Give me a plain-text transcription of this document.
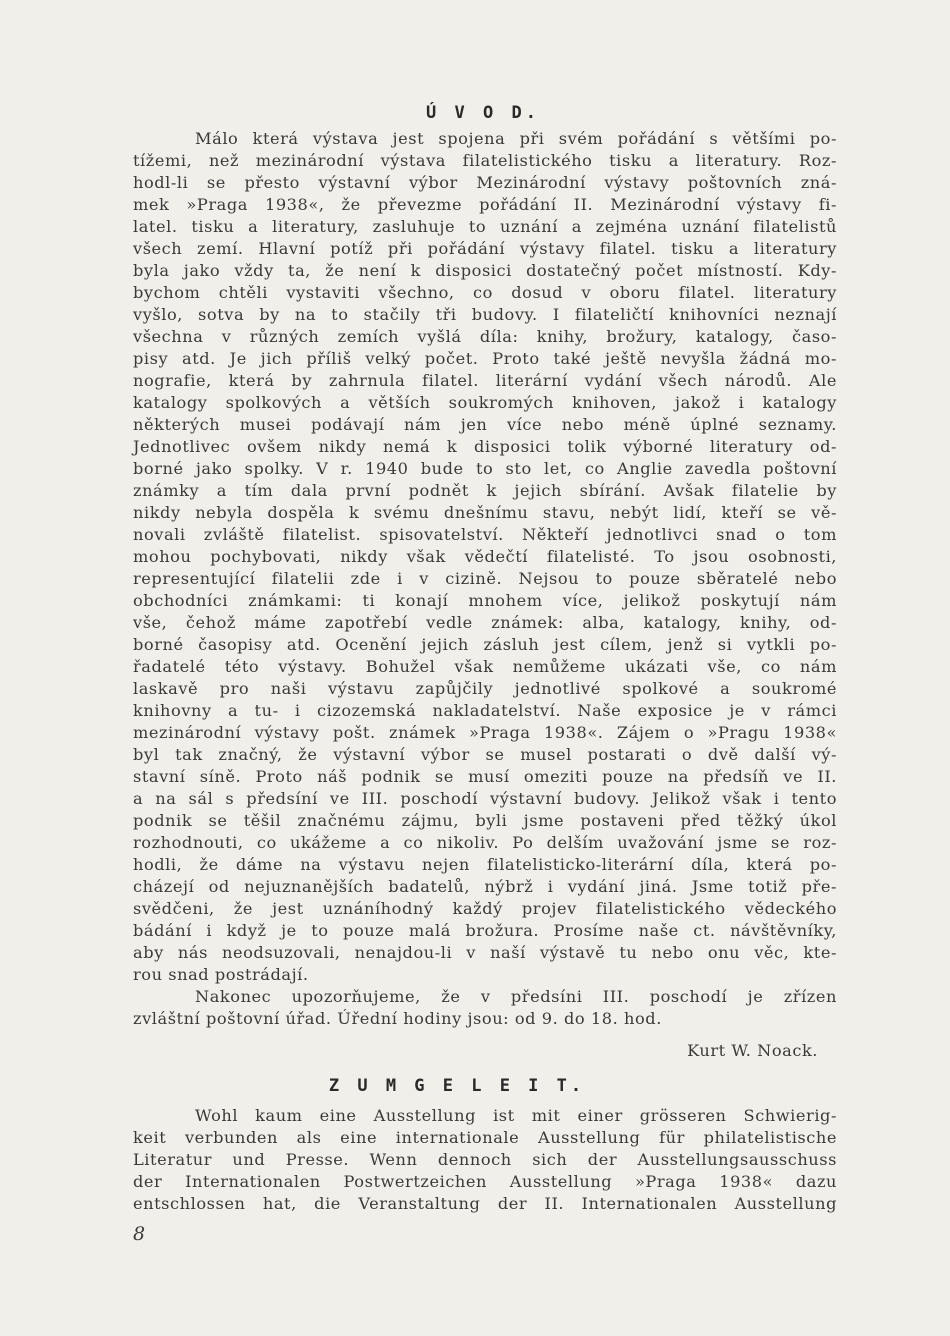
Ú V O D.
Málo která výstava jest spojena při svém pořádání s většími po-
tížemi, než mezinárodní výstava filatelistického tisku a literatury. Roz-
hodl-li se přesto výstavní výbor Mezinárodní výstavy poštovních zná-
mek »Praga 1938«, že převezme pořádání II. Mezinárodní výstavy fi-
latel. tisku a literatury, zasluhuje to uznání a zejména uznání filatelistů
všech zemí. Hlavní potíž při pořádání výstavy filatel. tisku a literatury
byla jako vždy ta, že není k disposici dostatečný počet místností. Kdy-
bychom chtěli vystaviti všechno, co dosud v oboru filatel. literatury
vyšlo, sotva by na to stačily tři budovy. I filateličtí knihovníci neznají
všechna v různých zemích vyšlá díla: knihy, brožury, katalogy, časo-
pisy atd. Je jich příliš velký počet. Proto také ještě nevyšla žádná mo-
nografie, která by zahrnula filatel. literární vydání všech národů. Ale
katalogy spolkových a větších soukromých knihoven, jakož i katalogy
některých musei podávají nám jen více nebo méně úplné seznamy.
Jednotlivec ovšem nikdy nemá k disposici tolik výborné literatury od-
borné jako spolky. V r. 1940 bude to sto let, co Anglie zavedla poštovní
známky a tím dala první podnět k jejich sbírání. Avšak filatelie by
nikdy nebyla dospěla k svému dnešnímu stavu, nebýt lidí, kteří se vě-
novali zvláště filatelist. spisovatelství. Někteří jednotlivci snad o tom
mohou pochybovati, nikdy však vědečtí filatelisté. To jsou osobnosti,
representující filatelii zde i v cizině. Nejsou to pouze sběratelé nebo
obchodníci známkami: ti konají mnohem více, jelikož poskytují nám
vše, čehož máme zapotřebí vedle známek: alba, katalogy, knihy, od-
borné časopisy atd. Ocenění jejich zásluh jest cílem, jenž si vytkli po-
řadatelé této výstavy. Bohužel však nemůžeme ukázati vše, co nám
laskavě pro naši výstavu zapůjčily jednotlivé spolkové a soukromé
knihovny a tu- i cizozemská nakladatelství. Naše exposice je v rámci
mezinárodní výstavy pošt. známek »Praga 1938«. Zájem o »Pragu 1938«
byl tak značný, že výstavní výbor se musel postarati o dvě další vý-
stavní síně. Proto náš podnik se musí omeziti pouze na předsíň ve II.
a na sál s předsíní ve III. poschodí výstavní budovy. Jelikož však i tento
podnik se těšil značnému zájmu, byli jsme postaveni před těžký úkol
rozhodnouti, co ukážeme a co nikoliv. Po delším uvažování jsme se roz-
hodli, že dáme na výstavu nejen filatelisticko-literární díla, která po-
cházejí od nejuznanějších badatelů, nýbrž i vydání jiná. Jsme totiž pře-
svědčeni, že jest uznáníhodný každý projev filatelistického vědeckého
bádání i když je to pouze malá brožura. Prosíme naše ct. návštěvníky,
aby nás neodsuzovali, nenajdou-li v naší výstavě tu nebo onu věc, kte-
rou snad postrádají.
Nakonec upozorňujeme, že v předsíni III. poschodí je zřízen
zvláštní poštovní úřad. Úřední hodiny jsou: od 9. do 18. hod.
Kurt W. Noack.
Z U M G E L E I T.
Wohl kaum eine Ausstellung ist mit einer grösseren Schwierig-
keit verbunden als eine internationale Ausstellung für philatelistische
Literatur und Presse. Wenn dennoch sich der Ausstellungsausschuss
der Internationalen Postwertzeichen Ausstellung »Praga 1938« dazu
entschlossen hat, die Veranstaltung der II. Internationalen Ausstellung
8
